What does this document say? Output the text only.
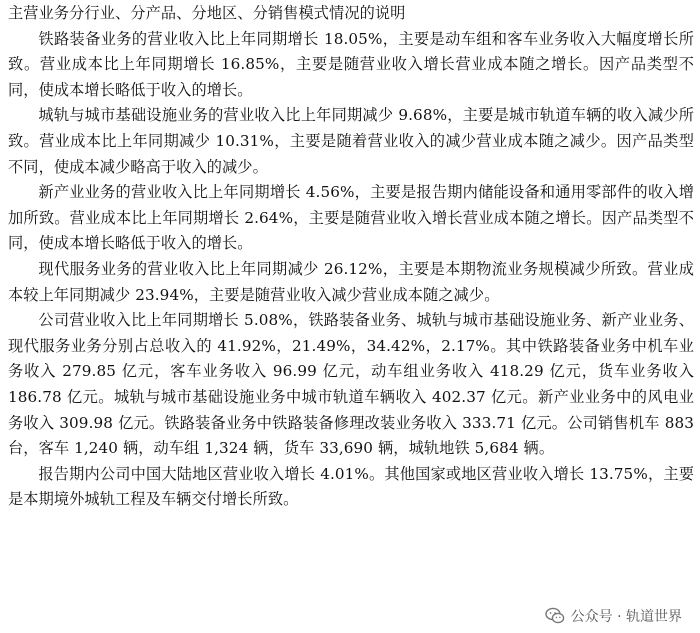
主营业务分行业、分产品、分地区、分销售模式情况的说明

铁路装备业务的营业收入比上年同期增长 18.05%，主要是动车组和客车业务收入大幅度增长所致。营业成本比上年同期增长 16.85%，主要是随营业收入增长营业成本随之增长。因产品类型不同，使成本增长略低于收入的增长。

城轨与城市基础设施业务的营业收入比上年同期减少 9.68%，主要是城市轨道车辆的收入减少所致。营业成本比上年同期减少 10.31%，主要是随着营业收入的减少营业成本随之减少。因产品类型不同，使成本减少略高于收入的减少。

新产业业务的营业收入比上年同期增长 4.56%，主要是报告期内储能设备和通用零部件的收入增加所致。营业成本比上年同期增长 2.64%，主要是随营业收入增长营业成本随之增长。因产品类型不同，使成本增长略低于收入的增长。

现代服务业务的营业收入比上年同期减少 26.12%，主要是本期物流业务规模减少所致。营业成本较上年同期减少 23.94%，主要是随营业收入减少营业成本随之减少。

公司营业收入比上年同期增长 5.08%，铁路装备业务、城轨与城市基础设施业务、新产业业务、现代服务业务分别占总收入的 41.92%，21.49%，34.42%，2.17%。其中铁路装备业务中机车业务收入 279.85 亿元，客车业务收入 96.99 亿元，动车组业务收入 418.29 亿元，货车业务收入 186.78 亿元。城轨与城市基础设施业务中城市轨道车辆收入 402.37 亿元。新产业业务中的风电业务收入 309.98 亿元。铁路装备业务中铁路装备修理改装业务收入 333.71 亿元。公司销售机车 883 台，客车 1,240 辆，动车组 1,324 辆，货车 33,690 辆，城轨地铁 5,684 辆。

报告期内公司中国大陆地区营业收入增长 4.01%。其他国家或地区营业收入增长 13.75%，主要是本期境外城轨工程及车辆交付增长所致。

公众号 · 轨道世界
